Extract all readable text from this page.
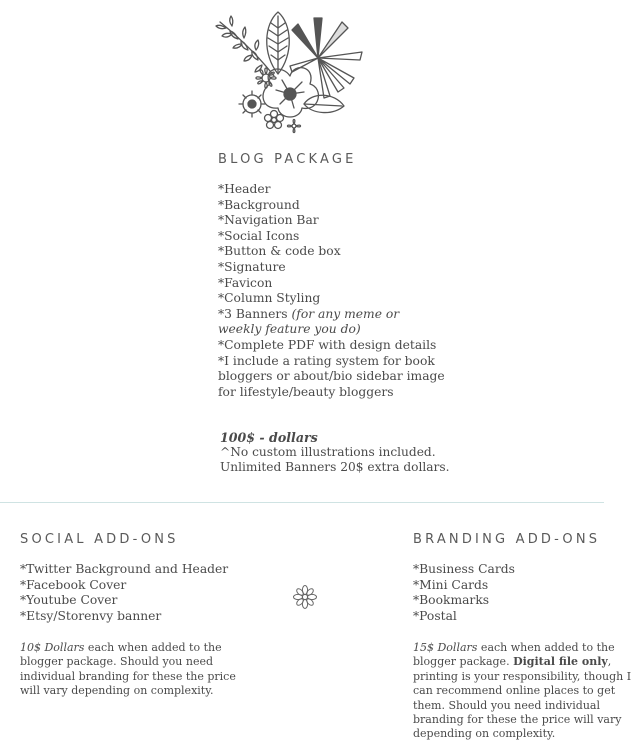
BLOG PACKAGE
*Header
*Background
*Navigation Bar
*Social Icons
*Button & code box
*Signature
*Favicon
*Column Styling
*3 Banners (for any meme or
weekly feature you do)
*Complete PDF with design details
*I include a rating system for book
bloggers or about/bio sidebar image
for lifestyle/beauty bloggers
100$ - dollars
^No custom illustrations included.
Unlimited Banners 20$ extra dollars.
SOCIAL ADD-ONS
*Twitter Background and Header
*Facebook Cover
*Youtube Cover
*Etsy/Storenvy banner
10$ Dollars each when added to the
blogger package. Should you need
individual branding for these the price
will vary depending on complexity.
BRANDING ADD-ONS
*Business Cards
*Mini Cards
*Bookmarks
*Postal
15$ Dollars each when added to the
blogger package. Digital file only,
printing is your responsibility, though I
can recommend online places to get
them. Should you need individual
branding for these the price will vary
depending on complexity.
